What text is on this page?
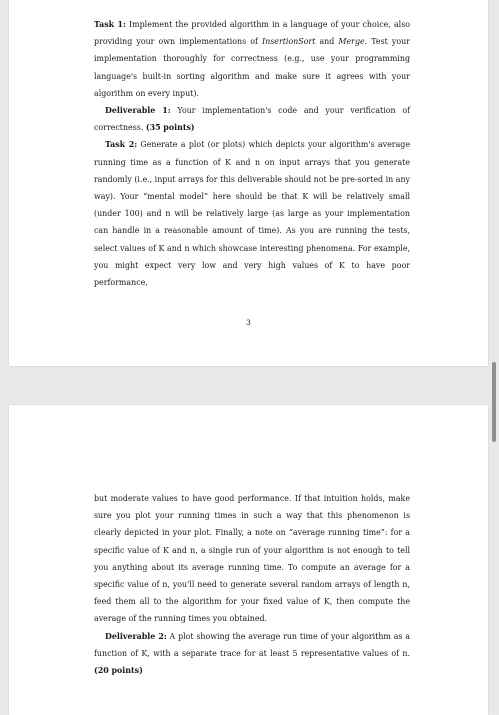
Task 1: Implement the provided algorithm in a language of your choice, also providing your own implementations of InsertionSort and Merge. Test your implementation thoroughly for correctness (e.g., use your programming language's built-in sorting algorithm and make sure it agrees with your algorithm on every input).

Deliverable 1: Your implementation's code and your verification of correctness. (35 points)

Task 2: Generate a plot (or plots) which depicts your algorithm's average running time as a function of K and n on input arrays that you generate randomly (i.e., input arrays for this deliverable should not be pre-sorted in any way). Your “mental model” here should be that K will be relatively small (under 100) and n will be relatively large (as large as your implementation can handle in a reasonable amount of time). As you are running the tests, select values of K and n which showcase interesting phenomena. For example, you might expect very low and very high values of K to have poor performance,

3

but moderate values to have good performance. If that intuition holds, make sure you plot your running times in such a way that this phenomenon is clearly depicted in your plot. Finally, a note on “average running time”: for a specific value of K and n, a single run of your algorithm is not enough to tell you anything about its average running time. To compute an average for a specific value of n, you'll need to generate several random arrays of length n, feed them all to the algorithm for your fixed value of K, then compute the average of the running times you obtained.

Deliverable 2: A plot showing the average run time of your algorithm as a function of K, with a separate trace for at least 5 representative values of n. (20 points)
